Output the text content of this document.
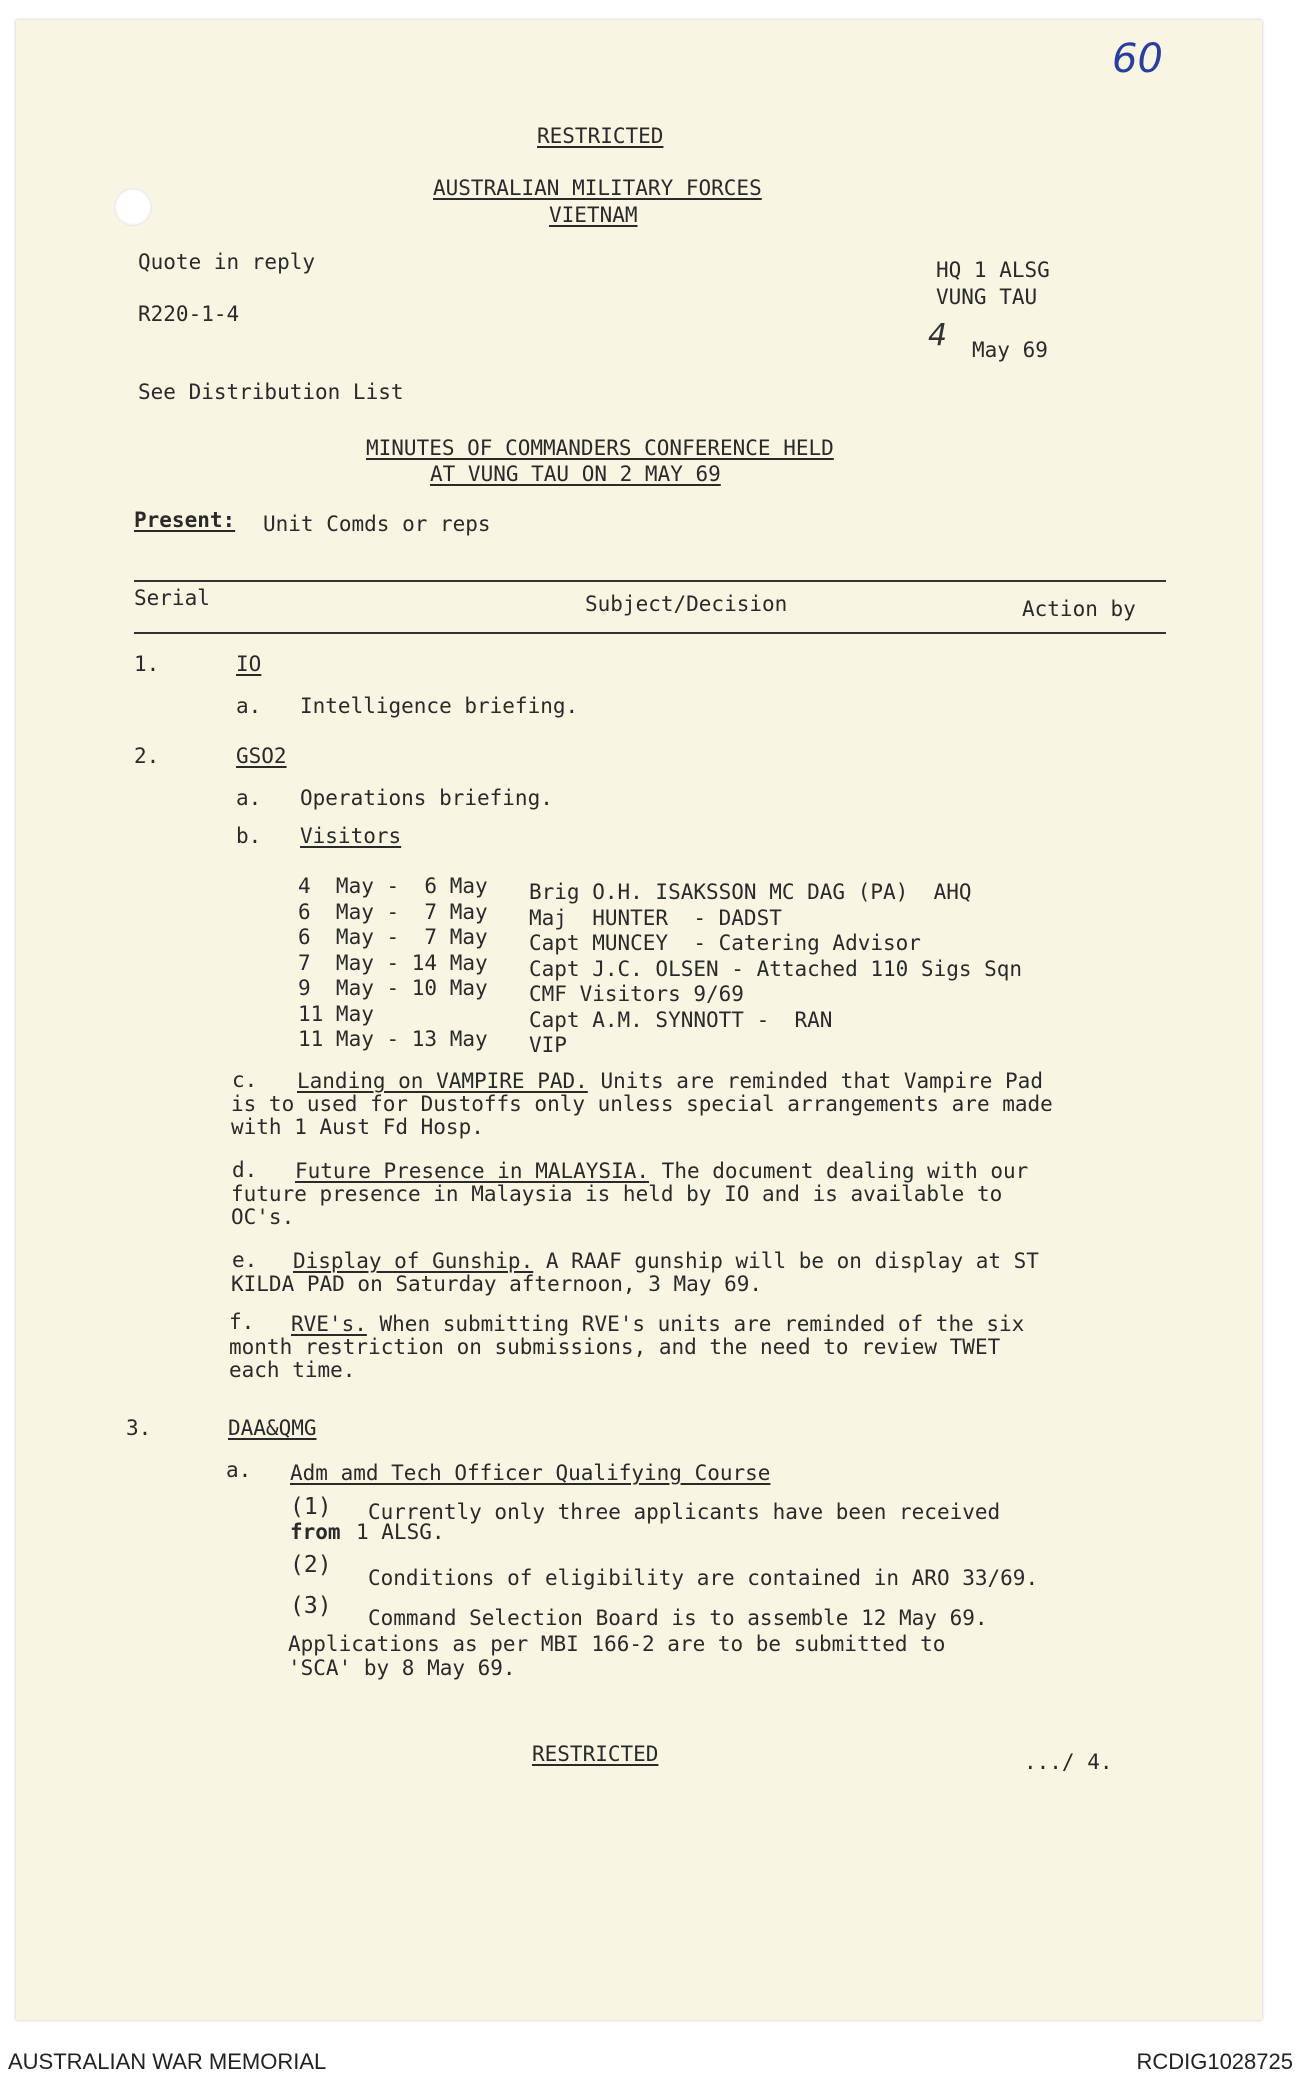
60
RESTRICTED
AUSTRALIAN MILITARY FORCES
VIETNAM
Quote in reply
R220-1-4
HQ 1 ALSG
VUNG TAU
4 May 69
See Distribution List
MINUTES OF COMMANDERS CONFERENCE HELD
AT VUNG TAU ON 2 MAY 69
Present: Unit Comds or reps
Serial	Subject/Decision	Action by
1.	IO
a. Intelligence briefing.
2.	GSO2
a. Operations briefing.
b. Visitors
4  May -  6 May Brig O.H. ISAKSSON MC DAG (PA)  AHQ
6  May -  7 May Maj  HUNTER  - DADST
6  May -  7 May Capt MUNCEY  - Catering Advisor
7  May - 14 May Capt J.C. OLSEN - Attached 110 Sigs Sqn
9  May - 10 May CMF Visitors 9/69
11 May	Capt A.M. SYNNOTT -  RAN
11 May - 13 May VIP
c.	Landing on VAMPIRE PAD. Units are reminded that Vampire Pad is to used for Dustoffs only unless special arrangements are made with 1 Aust Fd Hosp.
d.	Future Presence in MALAYSIA. The document dealing with our future presence in Malaysia is held by IO and is available to OC's.
e.	Display of Gunship. A RAAF gunship will be on display at ST KILDA PAD on Saturday afternoon, 3 May 69.
f.	RVE's. When submitting RVE's units are reminded of the six month restriction on submissions, and the need to review TWET each time.
3.	DAA&QMG
a. Adm amd Tech Officer Qualifying Course
(1) Currently only three applicants have been received
from 1 ALSG.
(2) Conditions of eligibility are contained in ARO 33/69.
(3) Command Selection Board is to assemble 12 May 69.
Applications as per MBI 166-2 are to be submitted to
'SCA' by 8 May 69.
RESTRICTED	.../ 4.
AUSTRALIAN WAR MEMORIAL	RCDIG1028725
